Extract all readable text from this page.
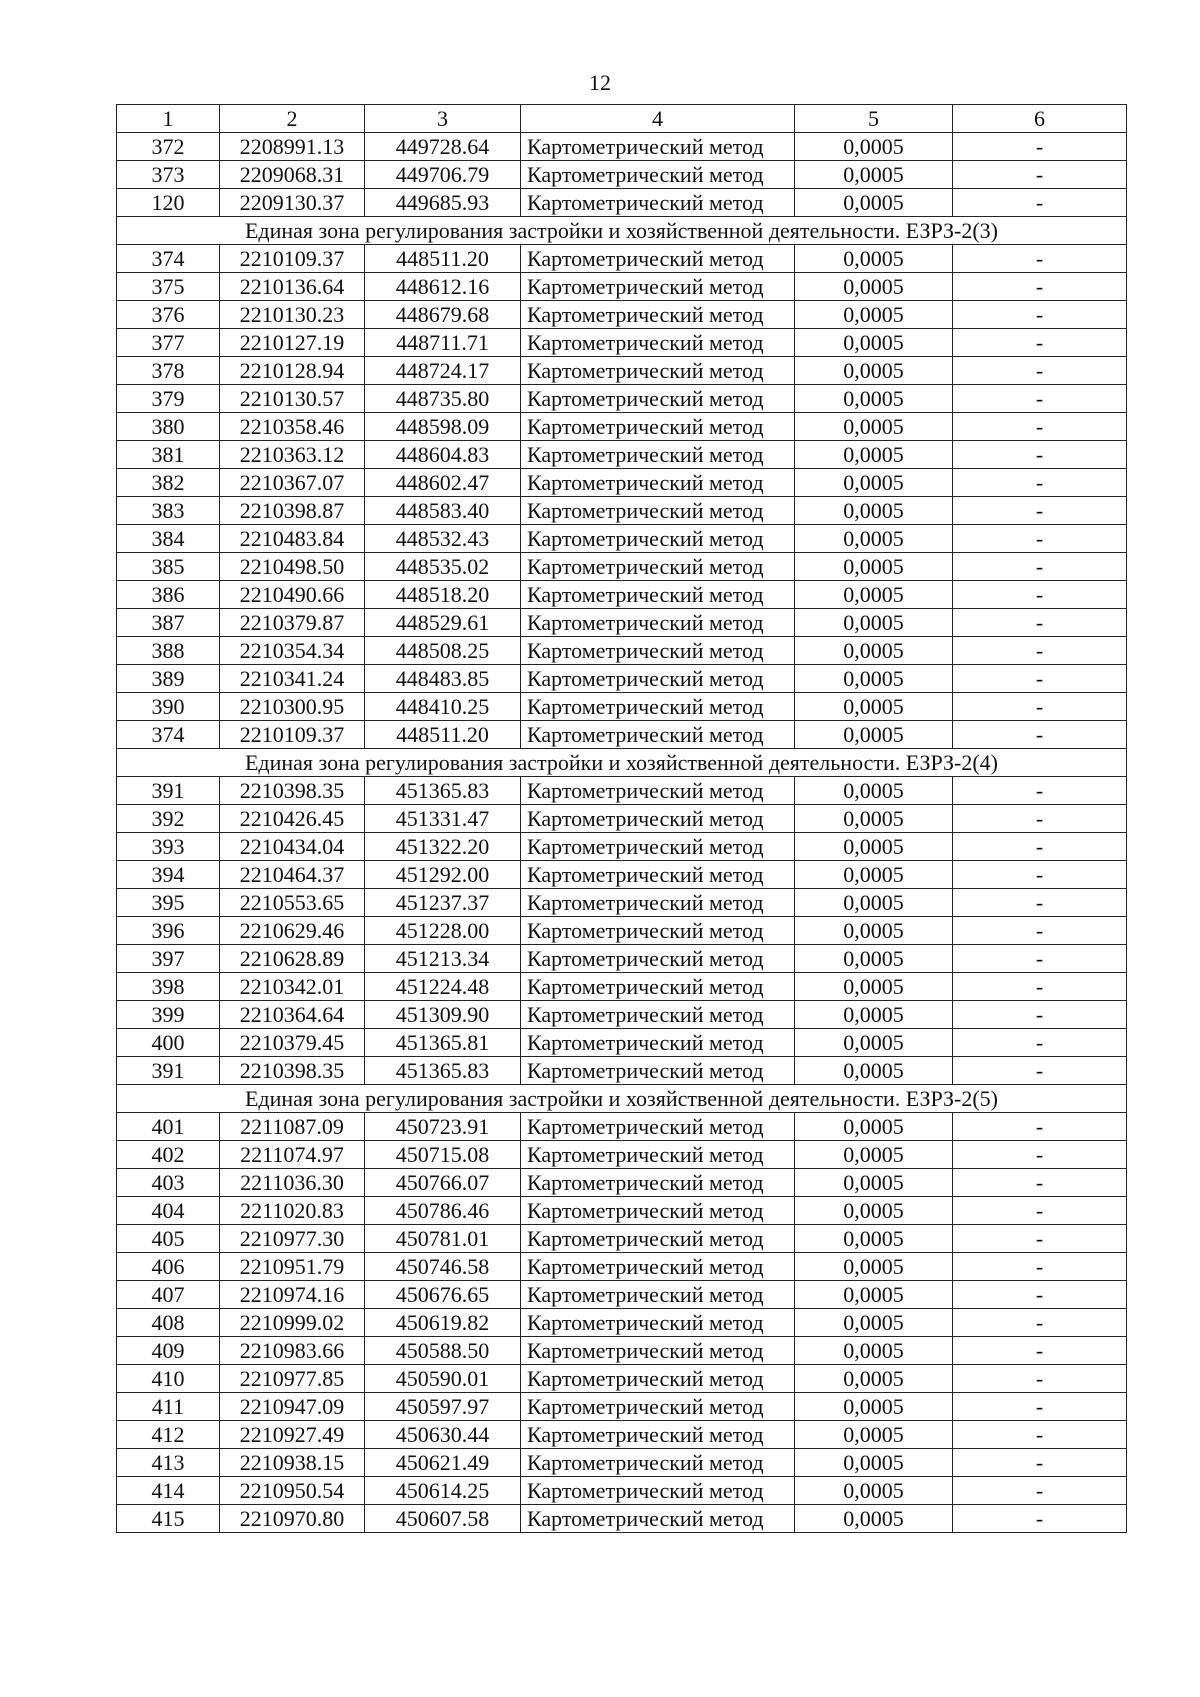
12
1	2	3	4	5	6
372	2208991.13	449728.64	Картометрический метод	0,0005	-
373	2209068.31	449706.79	Картометрический метод	0,0005	-
120	2209130.37	449685.93	Картометрический метод	0,0005	-
Единая зона регулирования застройки и хозяйственной деятельности. ЕЗРЗ-2(3)					
374	2210109.37	448511.20	Картометрический метод	0,0005	-
375	2210136.64	448612.16	Картометрический метод	0,0005	-
376	2210130.23	448679.68	Картометрический метод	0,0005	-
377	2210127.19	448711.71	Картометрический метод	0,0005	-
378	2210128.94	448724.17	Картометрический метод	0,0005	-
379	2210130.57	448735.80	Картометрический метод	0,0005	-
380	2210358.46	448598.09	Картометрический метод	0,0005	-
381	2210363.12	448604.83	Картометрический метод	0,0005	-
382	2210367.07	448602.47	Картометрический метод	0,0005	-
383	2210398.87	448583.40	Картометрический метод	0,0005	-
384	2210483.84	448532.43	Картометрический метод	0,0005	-
385	2210498.50	448535.02	Картометрический метод	0,0005	-
386	2210490.66	448518.20	Картометрический метод	0,0005	-
387	2210379.87	448529.61	Картометрический метод	0,0005	-
388	2210354.34	448508.25	Картометрический метод	0,0005	-
389	2210341.24	448483.85	Картометрический метод	0,0005	-
390	2210300.95	448410.25	Картометрический метод	0,0005	-
374	2210109.37	448511.20	Картометрический метод	0,0005	-
Единая зона регулирования застройки и хозяйственной деятельности. ЕЗРЗ-2(4)					
391	2210398.35	451365.83	Картометрический метод	0,0005	-
392	2210426.45	451331.47	Картометрический метод	0,0005	-
393	2210434.04	451322.20	Картометрический метод	0,0005	-
394	2210464.37	451292.00	Картометрический метод	0,0005	-
395	2210553.65	451237.37	Картометрический метод	0,0005	-
396	2210629.46	451228.00	Картометрический метод	0,0005	-
397	2210628.89	451213.34	Картометрический метод	0,0005	-
398	2210342.01	451224.48	Картометрический метод	0,0005	-
399	2210364.64	451309.90	Картометрический метод	0,0005	-
400	2210379.45	451365.81	Картометрический метод	0,0005	-
391	2210398.35	451365.83	Картометрический метод	0,0005	-
Единая зона регулирования застройки и хозяйственной деятельности. ЕЗРЗ-2(5)					
401	2211087.09	450723.91	Картометрический метод	0,0005	-
402	2211074.97	450715.08	Картометрический метод	0,0005	-
403	2211036.30	450766.07	Картометрический метод	0,0005	-
404	2211020.83	450786.46	Картометрический метод	0,0005	-
405	2210977.30	450781.01	Картометрический метод	0,0005	-
406	2210951.79	450746.58	Картометрический метод	0,0005	-
407	2210974.16	450676.65	Картометрический метод	0,0005	-
408	2210999.02	450619.82	Картометрический метод	0,0005	-
409	2210983.66	450588.50	Картометрический метод	0,0005	-
410	2210977.85	450590.01	Картометрический метод	0,0005	-
411	2210947.09	450597.97	Картометрический метод	0,0005	-
412	2210927.49	450630.44	Картометрический метод	0,0005	-
413	2210938.15	450621.49	Картометрический метод	0,0005	-
414	2210950.54	450614.25	Картометрический метод	0,0005	-
415	2210970.80	450607.58	Картометрический метод	0,0005	-
